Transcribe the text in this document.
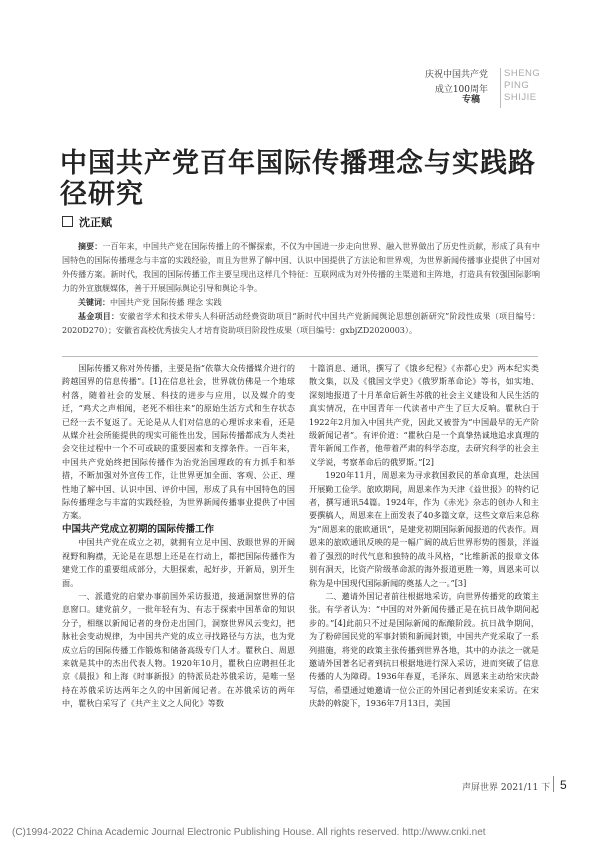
庆祝中国共产党
成立100周年
SHENG
PING
SHIJIE
专稿
中国共产党百年国际传播理念与实践路径研究
沈正赋
摘要：一百年来，中国共产党在国际传播上的不懈探索，不仅为中国进一步走向世界、融入世界做出了历史性贡献，形成了具有中国特色的国际传播理念与丰富的实践经验，而且为世界了解中国、认识中国提供了方法论和世界观，为世界新闻传播事业提供了中国对外传播方案。新时代，我国的国际传播工作主要呈现出这样几个特征：互联网成为对外传播的主渠道和主阵地，打造具有较强国际影响力的外宣旗舰媒体，善于开展国际舆论引导和舆论斗争。
关键词：中国共产党 国际传播 理念 实践
基金项目：安徽省学术和技术带头人科研活动经费资助项目“新时代中国共产党新闻舆论思想创新研究”阶段性成果（项目编号：2020D270）；安徽省高校优秀拔尖人才培育资助项目阶段性成果（项目编号：gxbjZD2020003）。

国际传播又称对外传播，主要是指“依靠大众传播媒介进行的跨越国界的信息传播”。[1]在信息社会，世界就仿佛是一个地球村落，随着社会的发展、科技的进步与应用，以及媒介的变迁，“鸡犬之声相闻，老死不相往来”的原始生活方式和生存状态已经一去不复返了。无论是从人们对信息的心理诉求来看，还是从媒介社会所能提供的现实可能性出发，国际传播都成为人类社会交往过程中一个不可或缺的重要因素和支撑条件。一百年来，中国共产党始终把国际传播作为治党治国理政的有力抓手和举措，不断加强对外宣传工作，让世界更加全面、客观、公正、理性地了解中国、认识中国、评价中国，形成了具有中国特色的国际传播理念与丰富的实践经验，为世界新闻传播事业提供了中国方案。

中国共产党成立初期的国际传播工作

中国共产党在成立之初，就拥有立足中国、放眼世界的开阔视野和胸襟，无论是在思想上还是在行动上，都把国际传播作为建党工作的重要组成部分，大胆探索，起好步，开新局，别开生面。

一、派遣党的启蒙办事前国外采访报道，接通洞察世界的信息窗口。建党前夕，一批年轻有为、有志于探索中国革命的知识分子，相继以新闻记者的身份走出国门，洞察世界风云变幻，把脉社会变动规律，为中国共产党的成立寻找路径与方法，也为党成立后的国际传播工作锻炼和储备高级专门人才。瞿秋白、周恩来就是其中的杰出代表人物。1920年10月，瞿秋白应聘担任北京《晨报》和上海《时事新报》的特派员赴苏俄采访，是唯一坚持在苏俄采访达两年之久的中国新闻记者。在苏俄采访的两年中，瞿秋白采写了《共产主义之人间化》等数

十篇消息、通讯，撰写了《饿乡纪程》《赤都心史》两本纪实类散文集，以及《俄国文学史》《俄罗斯革命论》等书，如实地、深刻地报道了十月革命后新生苏俄的社会主义建设和人民生活的真实情况，在中国青年一代读者中产生了巨大反响。瞿秋白于1922年2月加入中国共产党，因此又被誉为“中国最早的无产阶级新闻记者”。有评价道：“瞿秋白是一个真挚热诚地追求真理的青年新闻工作者，他带着严肃的科学态度，去研究科学的社会主义学说，考察革命后的俄罗斯。”[2]

1920年11月，周恩来为寻求救国救民的革命真理，赴法国开展勤工俭学。旅欧期间，周恩来作为天津《益世报》的特约记者，撰写通讯54篇。1924年，作为《赤光》杂志的创办人和主要撰稿人，周恩来在上面发表了40多篇文章，这些文章后来总称为“周恩来的旅欧通讯”，是建党初期国际新闻报道的代表作。周恩来的旅欧通讯反映的是一幅广阔的战后世界形势的图景，洋溢着了强烈的时代气息和独特的战斗风格，“比维新派的报章文体别有洞天，比资产阶级革命派的海外报道更胜一筹，周恩来可以称为是中国现代国际新闻的奠基人之一。”[3]

二、邀请外国记者前往根据地采访，向世界传播党的政策主张。有学者认为：“中国的对外新闻传播正是在抗日战争期间起步的。”[4]此前只不过是国际新闻的酝酿阶段。抗日战争期间，为了粉碎国民党的军事封锁和新闻封锁，中国共产党采取了一系列措施，将党的政策主张传播到世界各地，其中的办法之一就是邀请外国著名记者到抗日根据地进行深入采访，进而突破了信息传播的人为障碍。1936年春夏，毛泽东、周恩来主动给宋庆龄写信，希望通过她邀请一位公正的外国记者到延安来采访。在宋庆龄的斡旋下，1936年7月13日，美国

声屏世界 2021/11 下 5
(C)1994-2022 China Academic Journal Electronic Publishing House. All rights reserved. http://www.cnki.net
